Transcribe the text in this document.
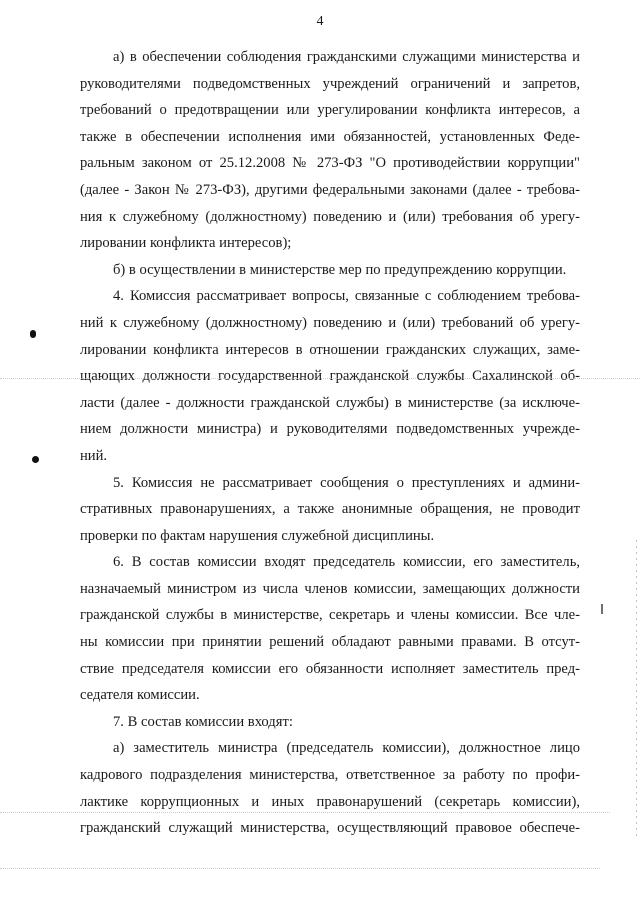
4
а) в обеспечении соблюдения гражданскими служащими министерства и
руководителями подведомственных учреждений ограничений и запретов,
требований о предотвращении или урегулировании конфликта интересов, а
также в обеспечении исполнения ими обязанностей, установленных Феде-
ральным законом от 25.12.2008 № 273-ФЗ "О противодействии коррупции"
(далее - Закон № 273-ФЗ), другими федеральными законами (далее - требова-
ния к служебному (должностному) поведению и (или) требования об урегу-
лировании конфликта интересов);
б) в осуществлении в министерстве мер по предупреждению коррупции.
4. Комиссия рассматривает вопросы, связанные с соблюдением требова-
ний к служебному (должностному) поведению и (или) требований об урегу-
лировании конфликта интересов в отношении гражданских служащих, заме-
щающих должности государственной гражданской службы Сахалинской об-
ласти (далее - должности гражданской службы) в министерстве (за исключе-
нием должности министра) и руководителями подведомственных учрежде-
ний.
5. Комиссия не рассматривает сообщения о преступлениях и админи-
стративных правонарушениях, а также анонимные обращения, не проводит
проверки по фактам нарушения служебной дисциплины.
6. В состав комиссии входят председатель комиссии, его заместитель,
назначаемый министром из числа членов комиссии, замещающих должности
гражданской службы в министерстве, секретарь и члены комиссии. Все чле-
ны комиссии при принятии решений обладают равными правами. В отсут-
ствие председателя комиссии его обязанности исполняет заместитель пред-
седателя комиссии.
7. В состав комиссии входят:
а) заместитель министра (председатель комиссии), должностное лицо
кадрового подразделения министерства, ответственное за работу по профи-
лактике коррупционных и иных правонарушений (секретарь комиссии),
гражданский служащий министерства, осуществляющий правовое обеспече-
